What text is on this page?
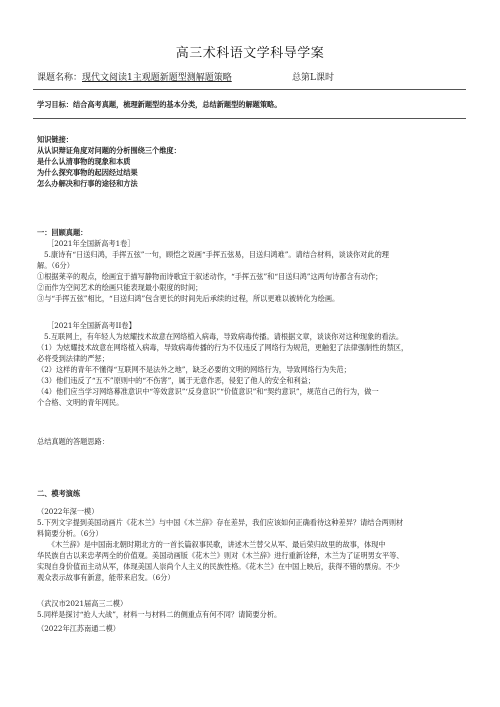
高三术科语文学科导学案
课题名称：现代文阅读1主观题新题型测解题策略	总第L课时
学习目标：结合高考真题，梳理新题型的基本分类，总结新题型的解题策略。

知识链接：

从认识辩证角度对问题的分析围绕三个维度：

是什么认清事物的现象和本质

为什么探究事物的起因经过结果

怎么办解决和行事的途径和方法

一：回顾真题：

［2021年全国新高考1卷］

5.康诗有“日送归鸿，手挥五弦”一句，顾恺之说画“手挥五弦易，目送归鸿难”。请结合材料，谈谈你对此的理

解。（6分）

①根据莱辛的观点，绘画宜于描写静物而诗歌宜于叙述动作，“手挥五弦”和“目送归鸿”这两句诗都含有动作；

②而作为空间艺术的绘画只能表现最小限度的时间；

③与“手挥五弦”相比，“目送归鸿”包含更长的时间先后承续的过程，所以更难以被转化为绘画。

［2021年全国新高考II卷】

5.互联网上，有年轻人为炫耀技术故意在网络植入病毒，导致病毒传播。请根据文章，谈谈你对这种现象的看法。

（1）为炫耀技术故意在网络植入病毒，导致病毒传播的行为不仅违反了网络行为规范，更触犯了法律强制性的禁区，

必将受到法律的严惩；

（2）这样的青年不懂得“互联网不是法外之地”，缺乏必要的文明的网络行为，导致网络行为失范；

（3）他们违反了“五不”原则中的“不伤害”，属于无意作恶，侵犯了他人的安全和利益；

（4）他们应当学习网络幕准意识中“等效意识”‘反身意识”“价值意识”和“契约意识”，规范自己的行为，做一

个合格、文明的青年网民。

总结真题的答题思路：
二、模考演练

（2022年深一模）

5.下列文字提到美国动画片《花木兰》与中国《木兰辞》存在差异，我们应该如何正确看待这种差异？请结合两则材

料简要分析。（6分）

　　《木兰辞》是中国南北朝时期北方的一首长篇叙事民歌，讲述木兰替父从军、最后荣归故里的故事，体现中

华民族自古以来忠孝两全的价值观。美国动画版《花木兰》则对《木兰辞》进行重新诠释，木兰为了证明男女平等、

实现自身价值而主动从军，体现美国人崇尚个人主义的民族性格。《花木兰》在中国上映后，获得不错的票房。不少

观众表示故事有新意，能带来启发。（6分）

（武汉市2021届高三二模）

5.同样是探讨“抢人大战”，材料一与材料二的侧重点有何不同？请简要分析。

（2022年江苏南通二模）
